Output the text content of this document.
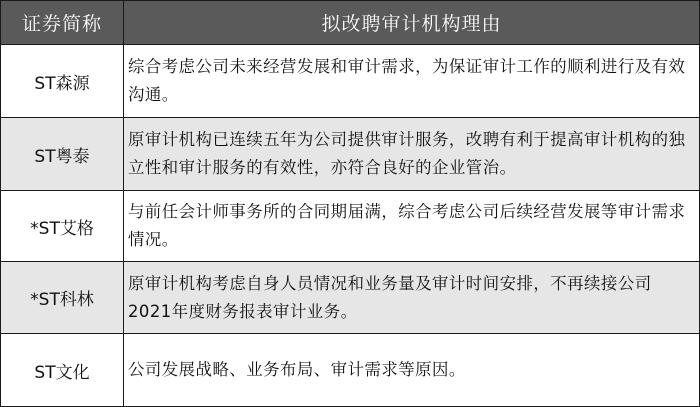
证券简称	拟改聘审计机构理由
ST森源
综合考虑公司未来经营发展和审计需求，为保证审计工作的顺利进行及有效沟通。
ST粤泰
原审计机构已连续五年为公司提供审计服务，改聘有利于提高审计机构的独立性和审计服务的有效性，亦符合良好的企业管治。
*ST艾格
与前任会计师事务所的合同期届满，综合考虑公司后续经营发展等审计需求情况。
*ST科林
原审计机构考虑自身人员情况和业务量及审计时间安排，不再续接公司2021年度财务报表审计业务。
ST文化	公司发展战略、业务布局、审计需求等原因。
